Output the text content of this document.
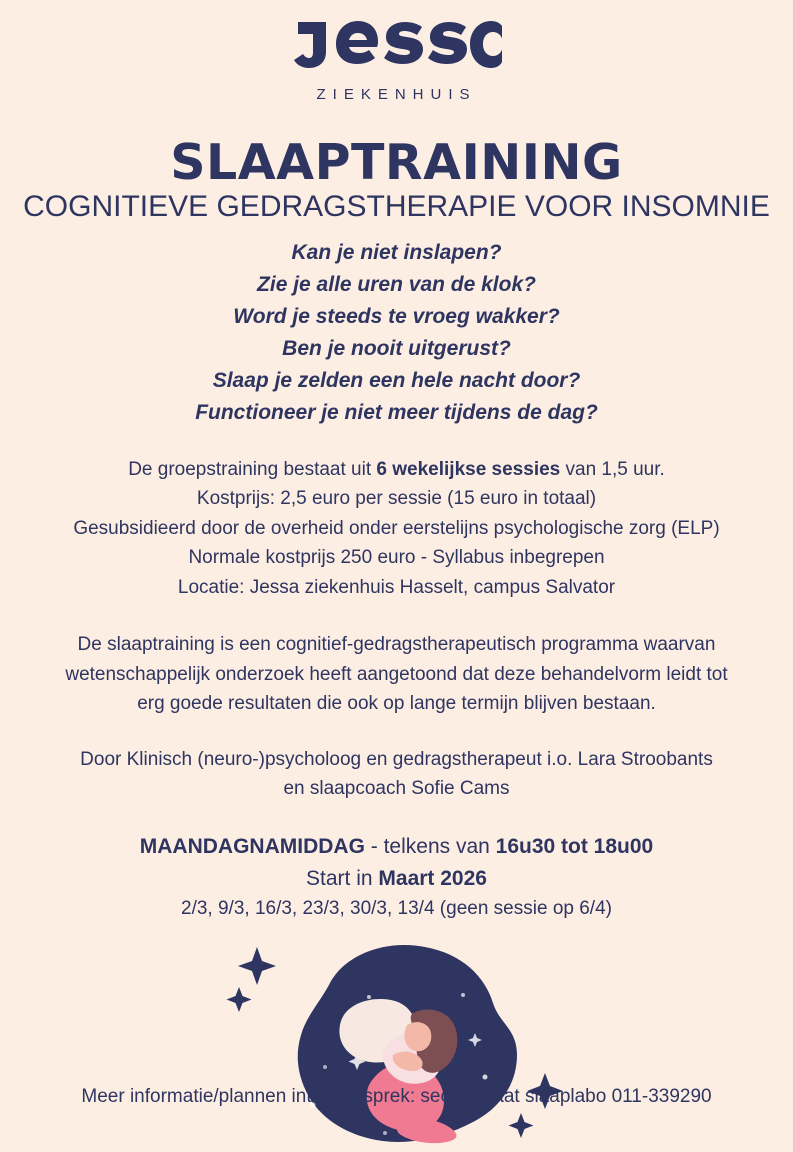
ZIEKENHUIS
SLAAPTRAINING
COGNITIEVE GEDRAGSTHERAPIE VOOR INSOMNIE
Kan je niet inslapen?
Zie je alle uren van de klok?
Word je steeds te vroeg wakker?
Ben je nooit uitgerust?
Slaap je zelden een hele nacht door?
Functioneer je niet meer tijdens de dag?
De groepstraining bestaat uit 6 wekelijkse sessies van 1,5 uur.
Kostprijs: 2,5 euro per sessie (15 euro in totaal)
Gesubsidieerd door de overheid onder eerstelijns psychologische zorg (ELP)
Normale kostprijs 250 euro - Syllabus inbegrepen
Locatie: Jessa ziekenhuis Hasselt, campus Salvator
De slaaptraining is een cognitief-gedragstherapeutisch programma waarvan wetenschappelijk onderzoek heeft aangetoond dat deze behandelvorm leidt tot erg goede resultaten die ook op lange termijn blijven bestaan.
Door Klinisch (neuro-)psycholoog en gedragstherapeut i.o. Lara Stroobants
en slaapcoach Sofie Cams
MAANDAGNAMIDDAG - telkens van 16u30 tot 18u00
Start in Maart 2026
2/3, 9/3, 16/3, 23/3, 30/3, 13/4 (geen sessie op 6/4)
Meer informatie/plannen intakegesprek: secretariaat slaaplabo 011-339290
